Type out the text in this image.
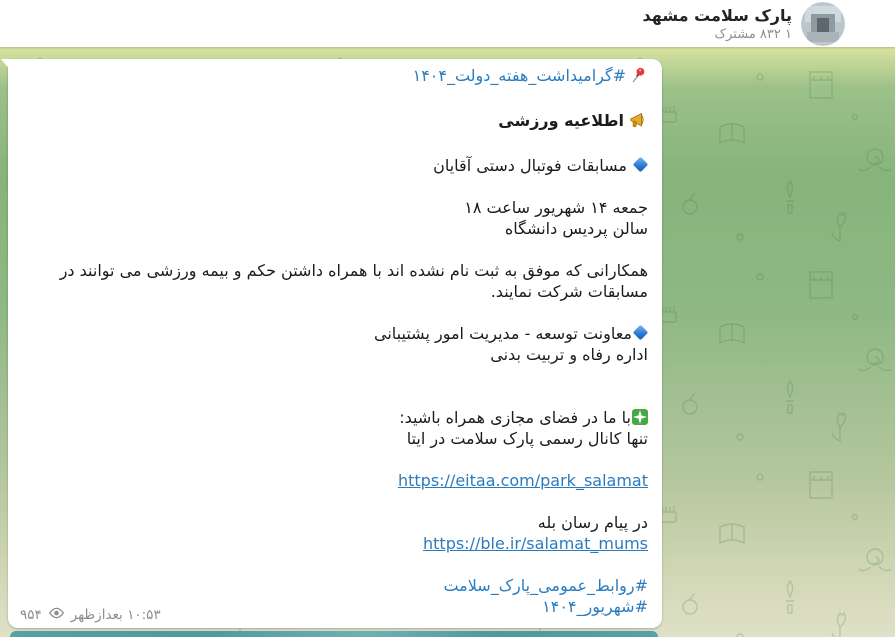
پارک سلامت مشهد
۱ ۸۳۲ مشترک
#گرامیداشت_هفته_دولت_۱۴۰۴
اطلاعیه ورزشی
مسابقات فوتبال دستی آقایان
جمعه ۱۴ شهریور ساعت ۱۸
سالن پردیس دانشگاه
همکارانی که موفق به ثبت نام نشده اند با همراه داشتن حکم و بیمه ورزشی می توانند در مسابقات شرکت نمایند.
معاونت توسعه - مدیریت امور پشتیبانی
اداره رفاه و تربیت بدنی
با ما در فضای مجازی همراه باشید:
تنها کانال رسمی پارک سلامت در ایتا
https://eitaa.com/park_salamat
در پیام رسان بله
https://ble.ir/salamat_mums
#روابط_عمومی_پارک_سلامت
#شهریور_۱۴۰۴
۹۵۴ ۱۰:۵۳ بعدازظهر
